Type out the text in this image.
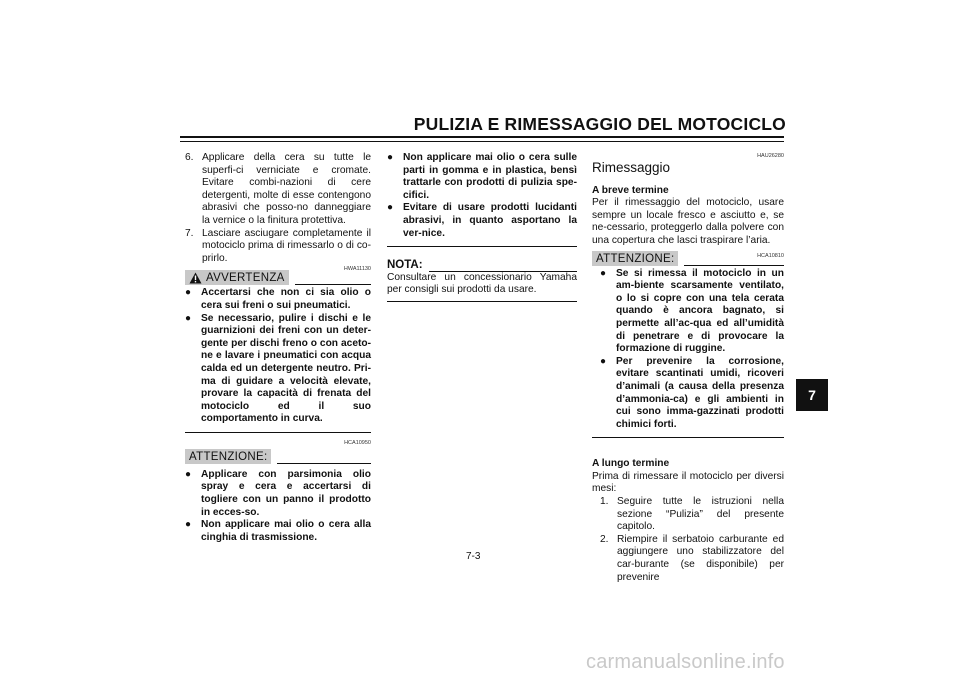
PULIZIA E RIMESSAGGIO DEL MOTOCICLO
6. Applicare della cera su tutte le superfi-ci verniciate e cromate. Evitare combi-nazioni di cere detergenti, molte di esse contengono abrasivi che posso-no danneggiare la vernice o la finitura protettiva.
7. Lasciare asciugare completamente il motociclo prima di rimessarlo o di co-prirlo.
AVVERTENZA
HWA11130
● Accertarsi che non ci sia olio o cera sui freni o sui pneumatici.
● Se necessario, pulire i dischi e le guarnizioni dei freni con un deter-gente per dischi freno o con aceto-ne e lavare i pneumatici con acqua calda ed un detergente neutro. Pri-ma di guidare a velocità elevate, provare la capacità di frenata del motociclo ed il suo comportamento in curva.
HCA10950
ATTENZIONE:
● Applicare con parsimonia olio spray e cera e accertarsi di togliere con un panno il prodotto in ecces-so.
● Non applicare mai olio o cera alla cinghia di trasmissione.
● Non applicare mai olio o cera sulle parti in gomma e in plastica, bensì trattarle con prodotti di pulizia spe-cifici.
● Evitare di usare prodotti lucidanti abrasivi, in quanto asportano la ver-nice.
NOTA:

Consultare un concessionario Yamaha per consigli sui prodotti da usare.

HAU26280
Rimessaggio
A breve termine

Per il rimessaggio del motociclo, usare sempre un locale fresco e asciutto e, se ne-cessario, proteggerlo dalla polvere con una copertura che lasci traspirare l’aria.

ATTENZIONE:	HCA10810
● Se si rimessa il motociclo in un am-biente scarsamente ventilato, o lo si copre con una tela cerata quando è ancora bagnato, si permette all’ac-qua ed all’umidità di penetrare e di provocare la formazione di ruggine.
● Per prevenire la corrosione, evitare scantinati umidi, ricoveri d’animali (a causa della presenza d’ammonia-ca) e gli ambienti in cui sono imma-gazzinati prodotti chimici forti.
A lungo termine

Prima di rimessare il motociclo per diversi mesi:

1. Seguire tutte le istruzioni nella sezione “Pulizia” del presente capitolo.
2. Riempire il serbatoio carburante ed aggiungere uno stabilizzatore del car-burante (se disponibile) per prevenire
7
7-3
carmanualsonline.info
